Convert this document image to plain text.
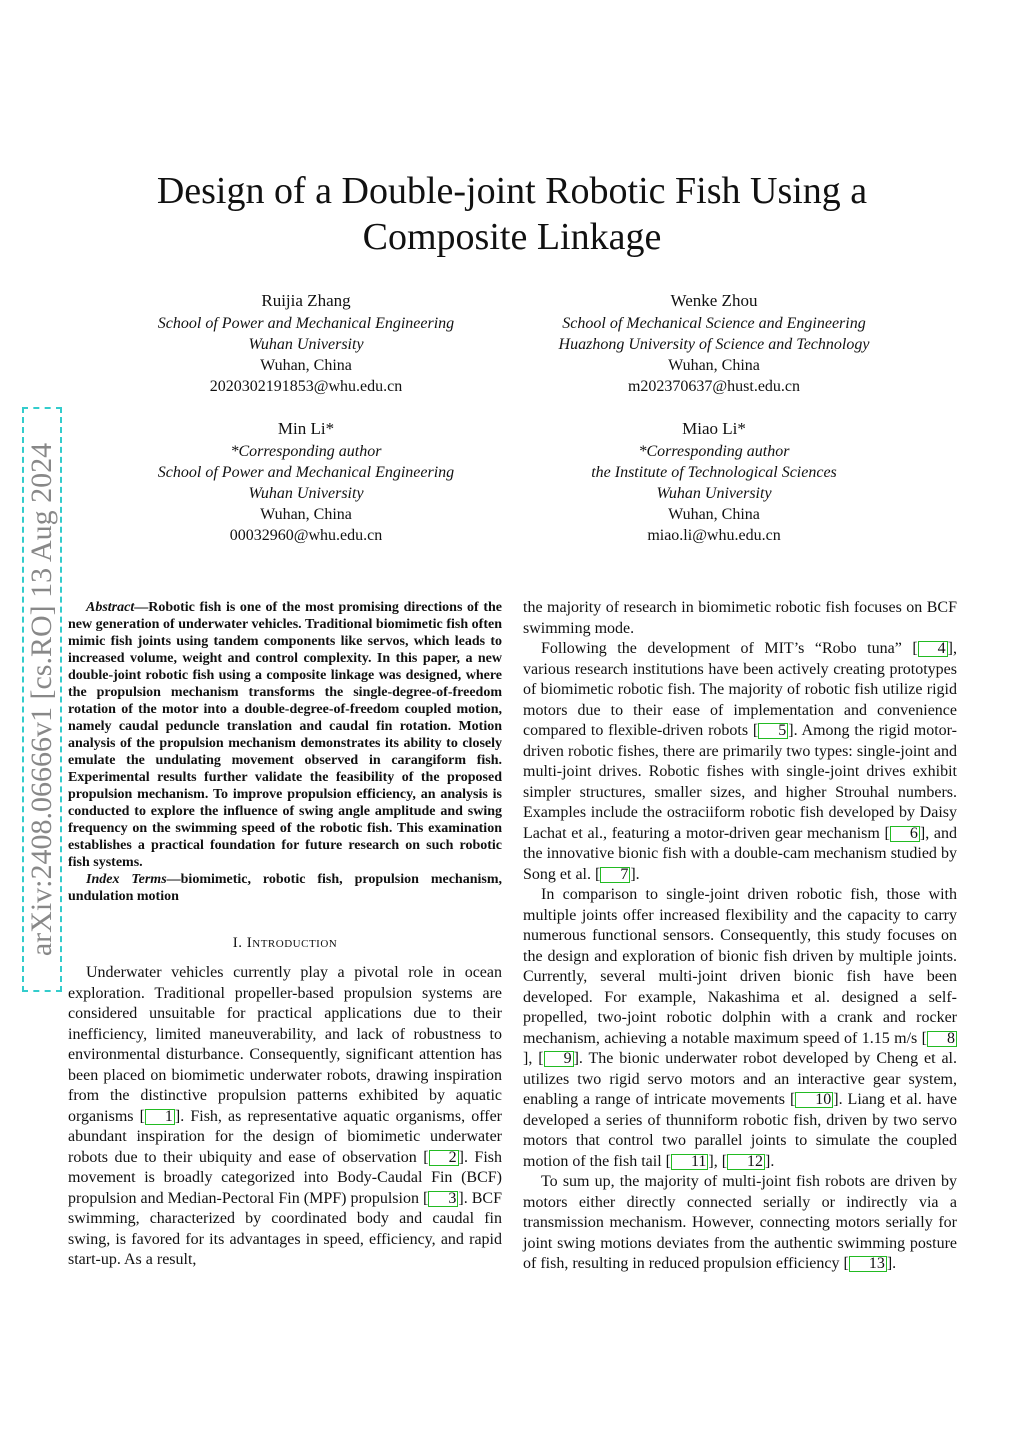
Design of a Double-joint Robotic Fish Using a Composite Linkage
Ruijia Zhang
School of Power and Mechanical Engineering
Wuhan University
Wuhan, China
2020302191853@whu.edu.cn
Wenke Zhou
School of Mechanical Science and Engineering
Huazhong University of Science and Technology
Wuhan, China
m202370637@hust.edu.cn
Min Li*
*Corresponding author
School of Power and Mechanical Engineering
Wuhan University
Wuhan, China
00032960@whu.edu.cn
Miao Li*
*Corresponding author
the Institute of Technological Sciences
Wuhan University
Wuhan, China
miao.li@whu.edu.cn
arXiv:2408.06666v1 [cs.RO] 13 Aug 2024	Abstract—Robotic fish is one of the most promising directions of the new generation of underwater vehicles. Traditional biomimetic fish often mimic fish joints using tandem components like servos, which leads to increased volume, weight and control complexity. In this paper, a new double-joint robotic fish using a composite linkage was designed, where the propulsion mechanism transforms the single-degree-of-freedom rotation of the motor into a double-degree-of-freedom coupled motion, namely caudal peduncle translation and caudal fin rotation. Motion analysis of the propulsion mechanism demonstrates its ability to closely emulate the undulating movement observed in carangiform fish. Experimental results further validate the feasibility of the proposed propulsion mechanism. To improve propulsion efficiency, an analysis is conducted to explore the influence of swing angle amplitude and swing frequency on the swimming speed of the robotic fish. This examination establishes a practical foundation for future research on such robotic fish systems.

Index Terms—biomimetic, robotic fish, propulsion mechanism, undulation motion

I. Introduction

Underwater vehicles currently play a pivotal role in ocean exploration. Traditional propeller-based propulsion systems are considered unsuitable for practical applications due to their inefficiency, limited maneuverability, and lack of robustness to environmental disturbance. Consequently, significant attention has been placed on biomimetic underwater robots, drawing inspiration from the distinctive propulsion patterns exhibited by aquatic organisms [ 1 ]. Fish, as representative aquatic organisms, offer abundant inspiration for the design of biomimetic underwater robots due to their ubiquity and ease of observation [ 2 ]. Fish movement is broadly categorized into Body-Caudal Fin (BCF) propulsion and Median-Pectoral Fin (MPF) propulsion [ 3 ]. BCF swimming, characterized by coordinated body and caudal fin swing, is favored for its advantages in speed, efficiency, and rapid start-up. As a result,

the majority of research in biomimetic robotic fish focuses on BCF swimming mode.

Following the development of MIT’s “Robo tuna” [ 4 ], various research institutions have been actively creating prototypes of biomimetic robotic fish. The majority of robotic fish utilize rigid motors due to their ease of implementation and convenience compared to flexible-driven robots [ 5 ]. Among the rigid motor-driven robotic fishes, there are primarily two types: single-joint and multi-joint drives. Robotic fishes with single-joint drives exhibit simpler structures, smaller sizes, and higher Strouhal numbers. Examples include the ostraciiform robotic fish developed by Daisy Lachat et al., featuring a motor-driven gear mechanism [ 6 ], and the innovative bionic fish with a double-cam mechanism studied by Song et al. [ 7 ].

In comparison to single-joint driven robotic fish, those with multiple joints offer increased flexibility and the capacity to carry numerous functional sensors. Consequently, this study focuses on the design and exploration of bionic fish driven by multiple joints. Currently, several multi-joint driven bionic fish have been developed. For example, Nakashima et al. designed a self-propelled, two-joint robotic dolphin with a crank and rocker mechanism, achieving a notable maximum speed of 1.15 m/s [ 8], [ 9 ]. The bionic underwater robot developed by Cheng et al. utilizes two rigid servo motors and an interactive gear system, enabling a range of intricate movements [ 10 ]. Liang et al. have developed a series of thunniform robotic fish, driven by two servo motors that control two parallel joints to simulate the coupled motion of the fish tail [ 11 ], [ 12 ].

To sum up, the majority of multi-joint fish robots are driven by motors either directly connected serially or indirectly via a transmission mechanism. However, connecting motors serially for joint swing motions deviates from the authentic swimming posture of fish, resulting in reduced propulsion efficiency [ 13 ].
